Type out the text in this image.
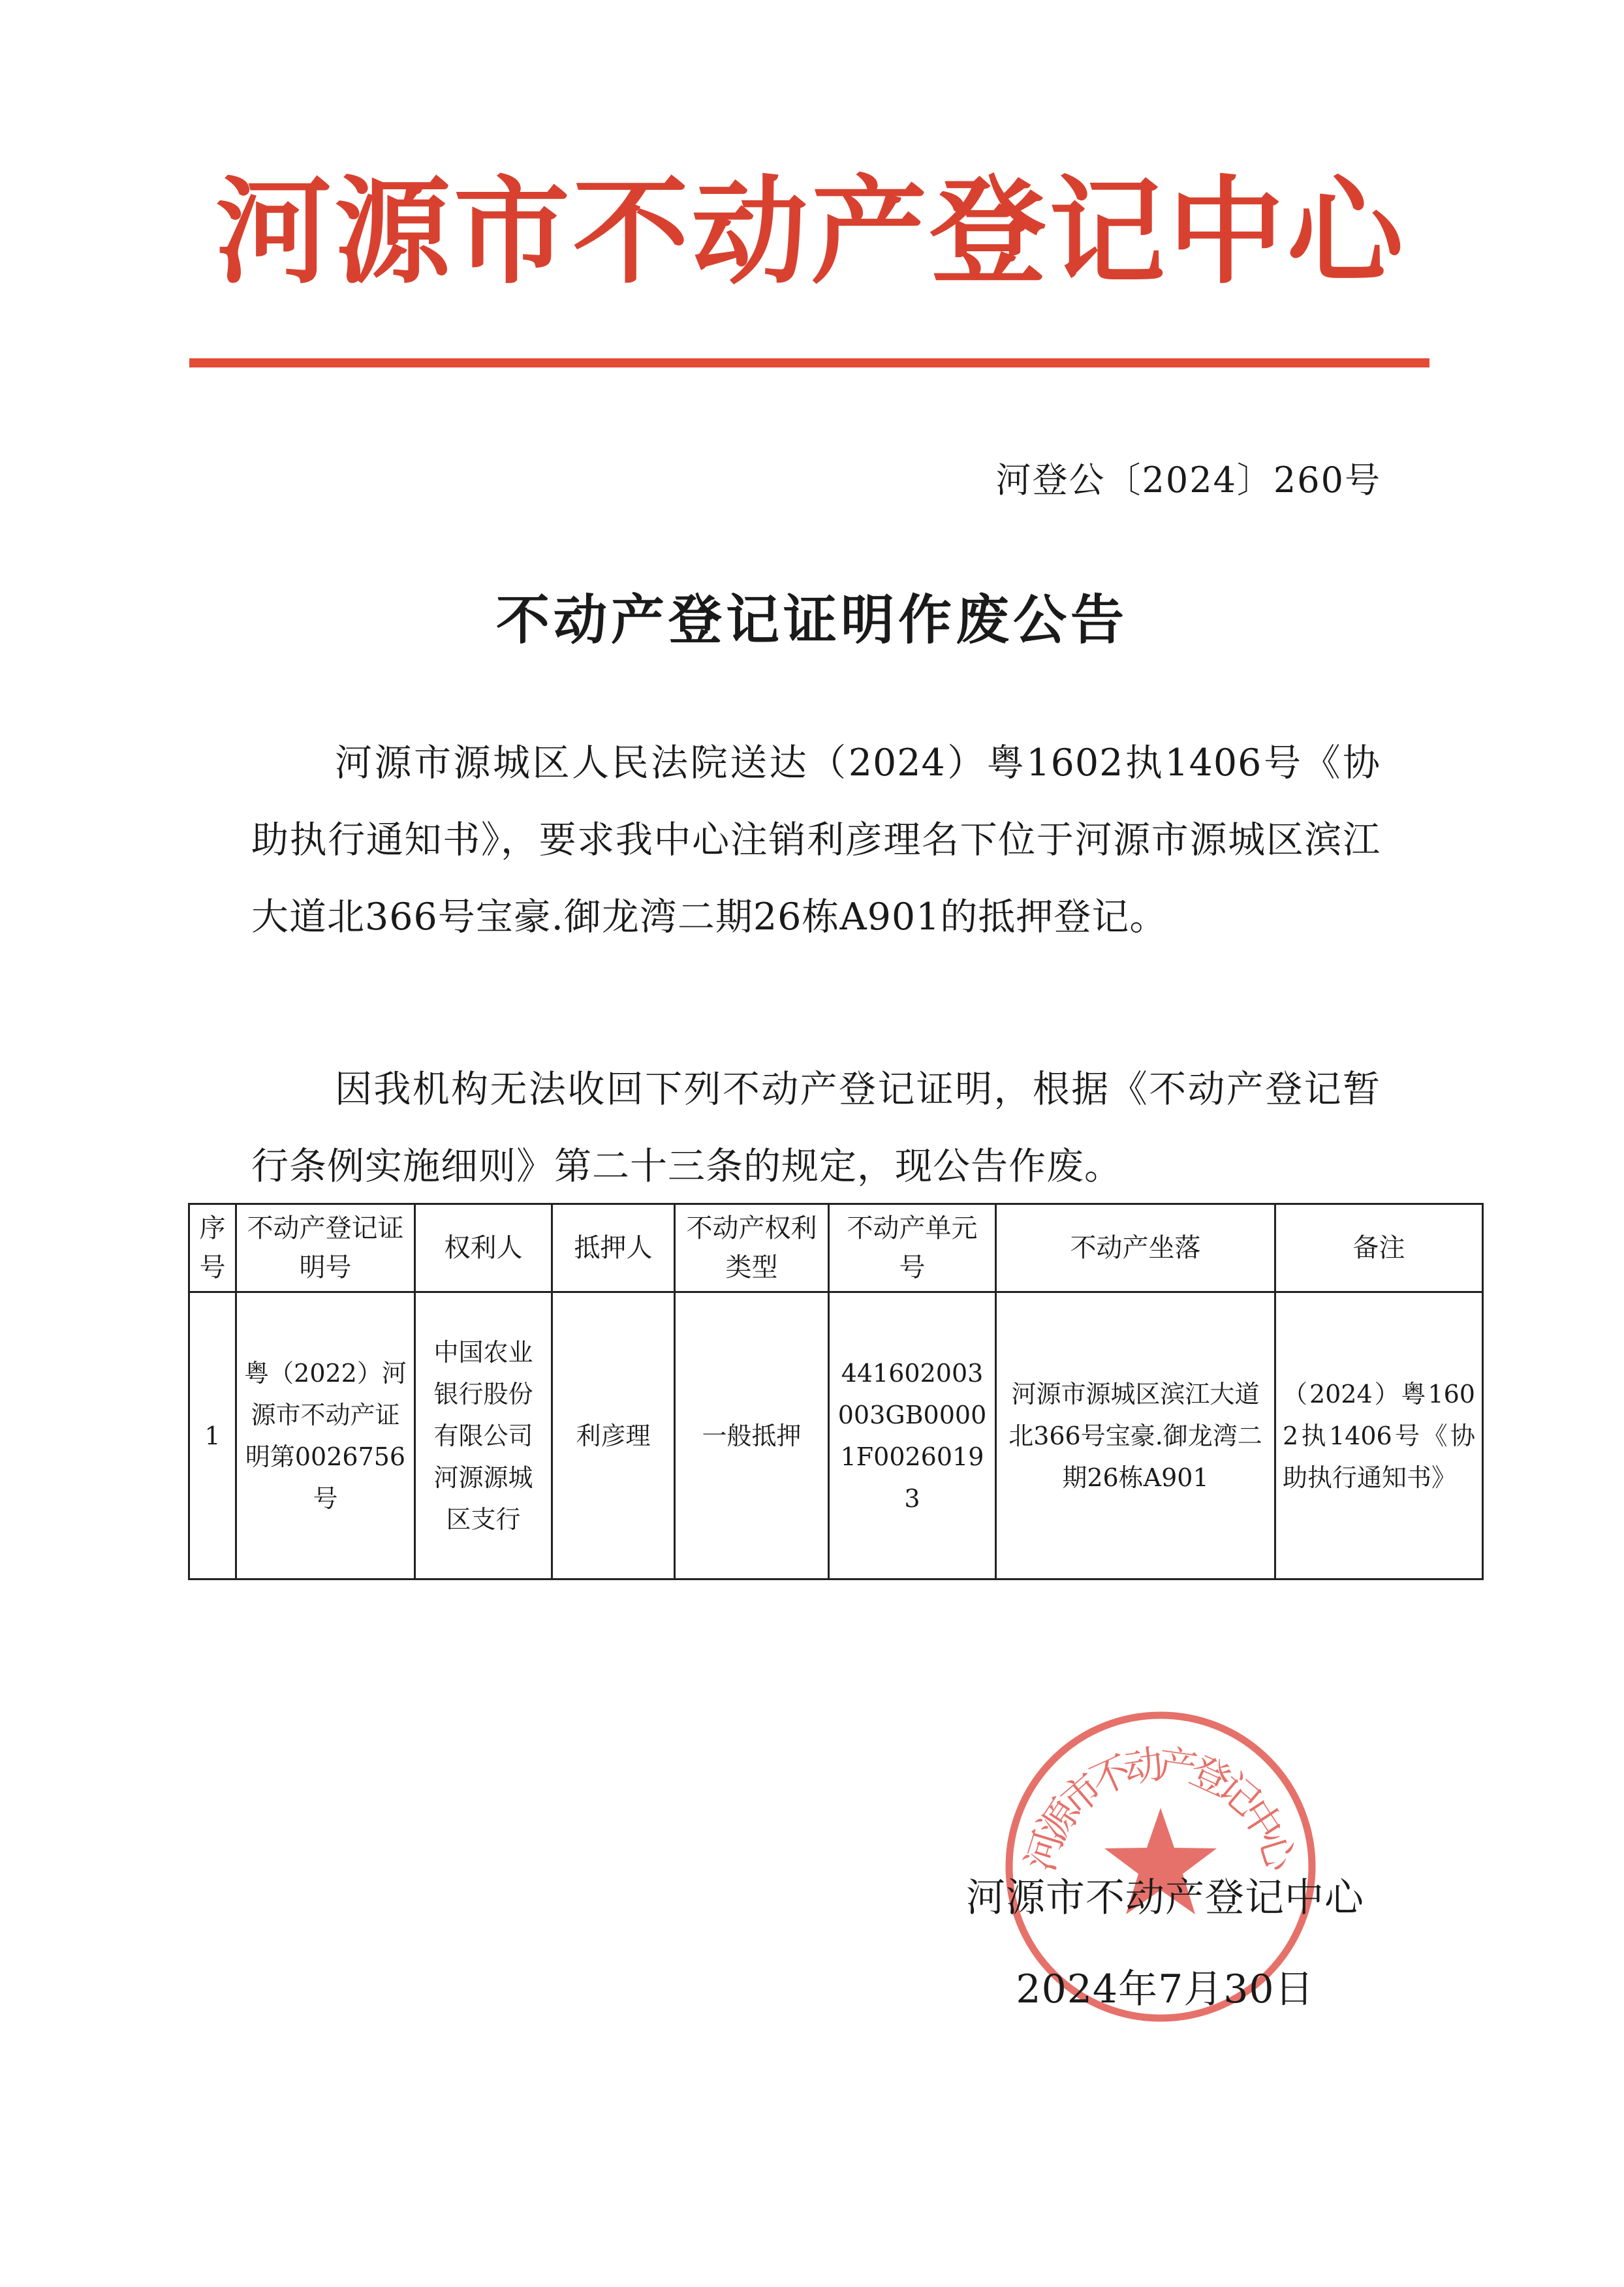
河 源 市 不 动 产 登 记 中 心
河登公〔2024〕260号
不动产登记证明作废公告

河源市源城区人民法院送达（2024）粤1602执1406号《协助执行通知书》，要求我中心注销利彦理名下位于河源市源城区滨江大道北366号宝豪.御龙湾二期26栋A901的抵押登记。

因我机构无法收回下列不动产登记证明，根据《不动产登记暂行条例实施细则》第二十三条的规定，现公告作废。

序号	不动产登记证明号	权利人	抵押人	不动产权利类型	不动产单元号	不动产坐落	备注
1	粤（2022）河源市不动产证明第0026756号	中国农业银行股份有限公司河源源城区支行	利彦理	一般抵押	441602003003GB00001F00260193	河源市源城区滨江大道北366号宝豪.御龙湾二期26栋A901	（2024）粤1602执1406号《协助执行通知书》
河源市不动产登记中心
河源市不动产登记中心
2024年7月30日
